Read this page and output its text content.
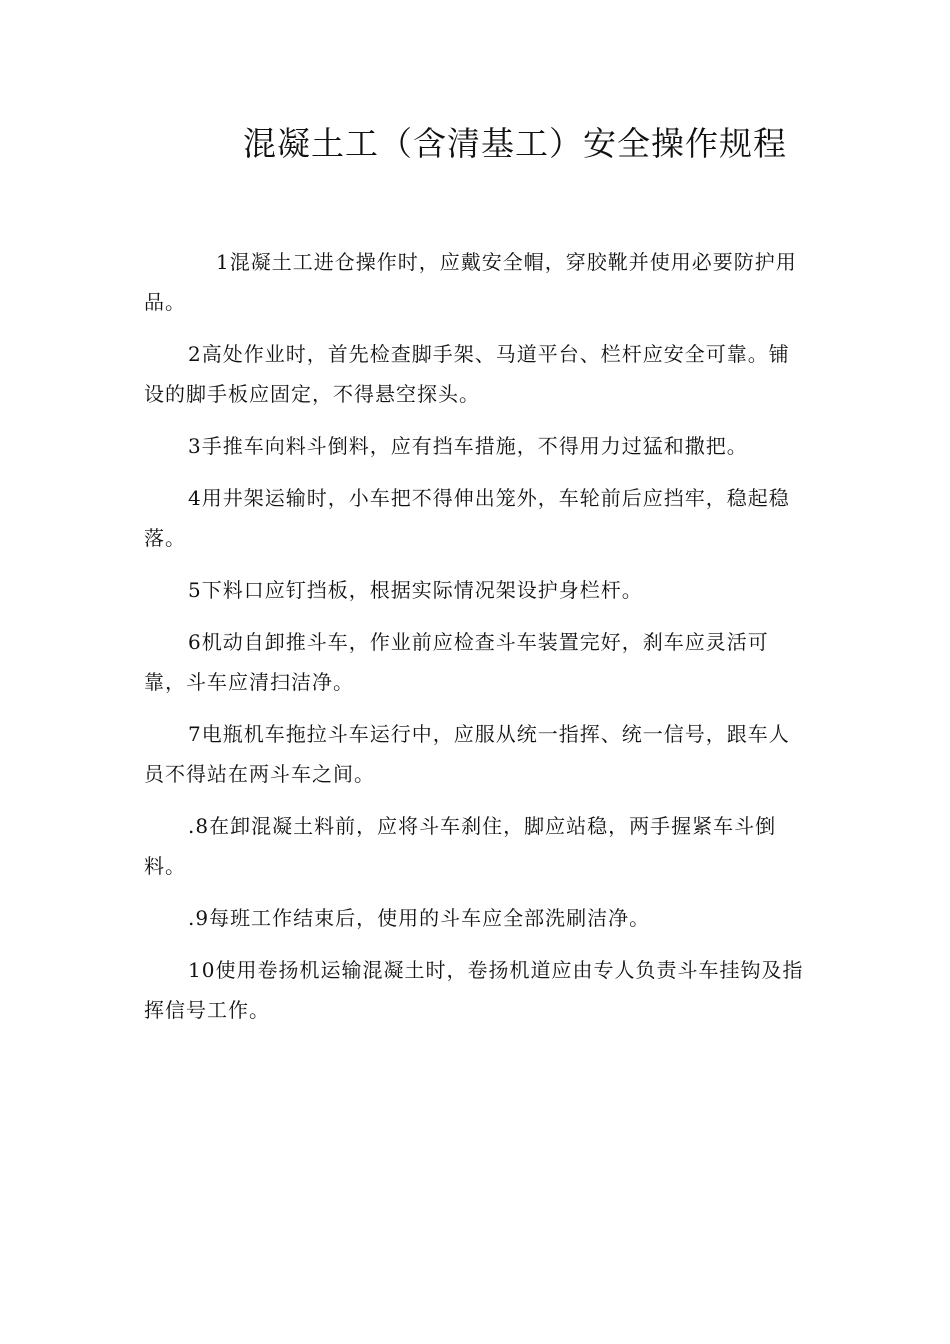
混凝土工（含清基工）安全操作规程

1混凝土工进仓操作时，应戴安全帽，穿胶靴并使用必要防护用品。

2高处作业时，首先检查脚手架、马道平台、栏杆应安全可靠。铺设的脚手板应固定，不得悬空探头。

3手推车向料斗倒料，应有挡车措施，不得用力过猛和撒把。

4用井架运输时，小车把不得伸出笼外，车轮前后应挡牢，稳起稳落。

5下料口应钉挡板，根据实际情况架设护身栏杆。

6机动自卸推斗车，作业前应检查斗车装置完好，刹车应灵活可靠，斗车应清扫洁净。

7电瓶机车拖拉斗车运行中，应服从统一指挥、统一信号，跟车人员不得站在两斗车之间。

.8在卸混凝土料前，应将斗车刹住，脚应站稳，两手握紧车斗倒料。

.9每班工作结束后，使用的斗车应全部洗刷洁净。

10使用卷扬机运输混凝土时，卷扬机道应由专人负责斗车挂钩及指挥信号工作。
